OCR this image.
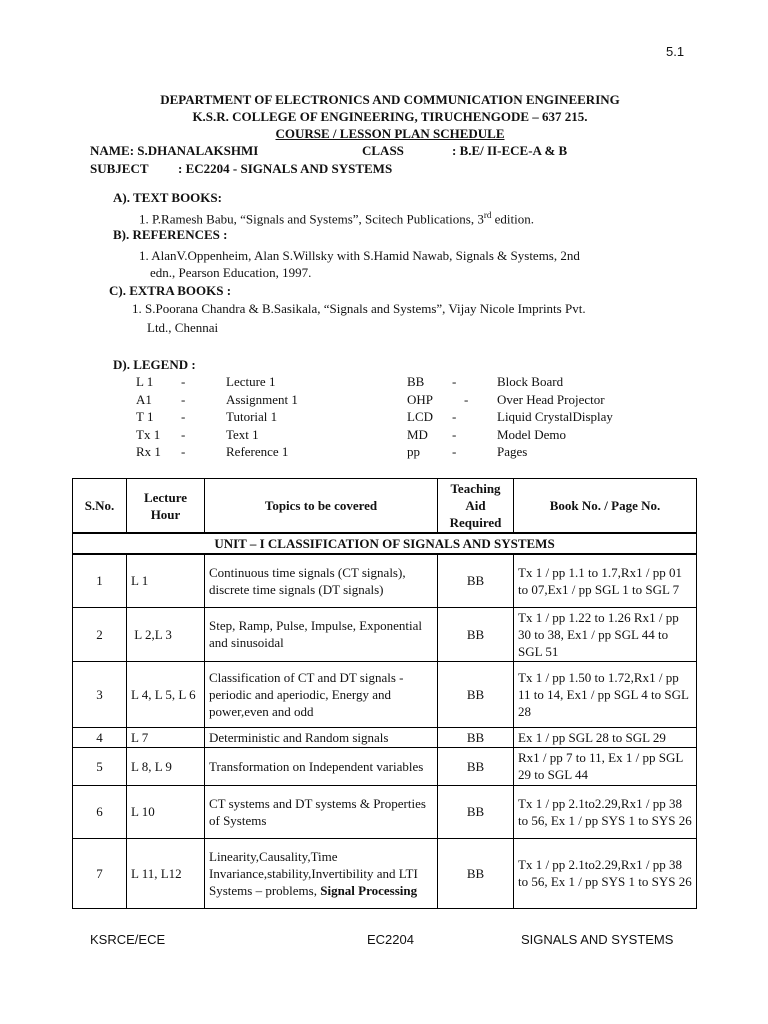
5.1
DEPARTMENT OF ELECTRONICS AND COMMUNICATION ENGINEERING
K.S.R. COLLEGE OF ENGINEERING, TIRUCHENGODE – 637 215.
COURSE / LESSON PLAN SCHEDULE
NAME: S.DHANALAKSHMI	CLASS	: B.E/ II-ECE-A & B
SUBJECT : EC2204 - SIGNALS AND SYSTEMS
A). TEXT BOOKS:
1. P.Ramesh Babu, “Signals and Systems”, Scitech Publications, 3rd edition.
B). REFERENCES :
1. AlanV.Oppenheim, Alan S.Willsky with S.Hamid Nawab, Signals & Systems, 2nd
edn., Pearson Education, 1997.
C). EXTRA BOOKS :
1. S.Poorana Chandra & B.Sasikala, “Signals and Systems”, Vijay Nicole Imprints Pvt.
Ltd., Chennai
D). LEGEND :
L 1 -	Lecture 1	BB -	Block Board
A1 -	Assignment 1	OHP - Over Head Projector
T 1 -	Tutorial 1	LCD -	Liquid CrystalDisplay
Tx 1 -	Text 1	MD -	Model Demo
Rx 1 -	Reference 1	pp -	Pages
S.No.	Lecture
Hour	Topics to be covered	Teaching
Aid
Required	Book No. / Page No.
UNIT – I CLASSIFICATION OF SIGNALS AND SYSTEMS				
1	L 1	Continuous time signals (CT signals), discrete time signals (DT signals)	BB	Tx 1 / pp 1.1 to 1.7,Rx1 / pp 01 to 07,Ex1 / pp SGL 1 to SGL 7
2	L 2,L 3	Step, Ramp, Pulse, Impulse, Exponential and sinusoidal	BB	Tx 1 / pp 1.22 to 1.26 Rx1 / pp 30 to 38, Ex1 / pp SGL 44 to SGL 51
3	L 4, L 5, L 6	Classification of CT and DT signals - periodic and aperiodic, Energy and power,even and odd	BB	Tx 1 / pp 1.50 to 1.72,Rx1 / pp 11 to 14, Ex1 / pp SGL 4 to SGL 28
4	L 7	Deterministic and Random signals	BB	Ex 1 / pp SGL 28 to SGL 29
5	L 8, L 9	Transformation on Independent variables	BB	Rx1 / pp 7 to 11, Ex 1 / pp SGL 29 to SGL 44
6	L 10	CT systems and DT systems & Properties of Systems	BB	Tx 1 / pp 2.1to2.29,Rx1 / pp 38 to 56, Ex 1 / pp SYS 1 to SYS 26
7	L 11, L12	Linearity,Causality,Time Invariance,stability,Invertibility and LTI Systems – problems, Signal Processing	BB	Tx 1 / pp 2.1to2.29,Rx1 / pp 38 to 56, Ex 1 / pp SYS 1 to SYS 26
KSRCE/ECE	EC2204	SIGNALS AND SYSTEMS
